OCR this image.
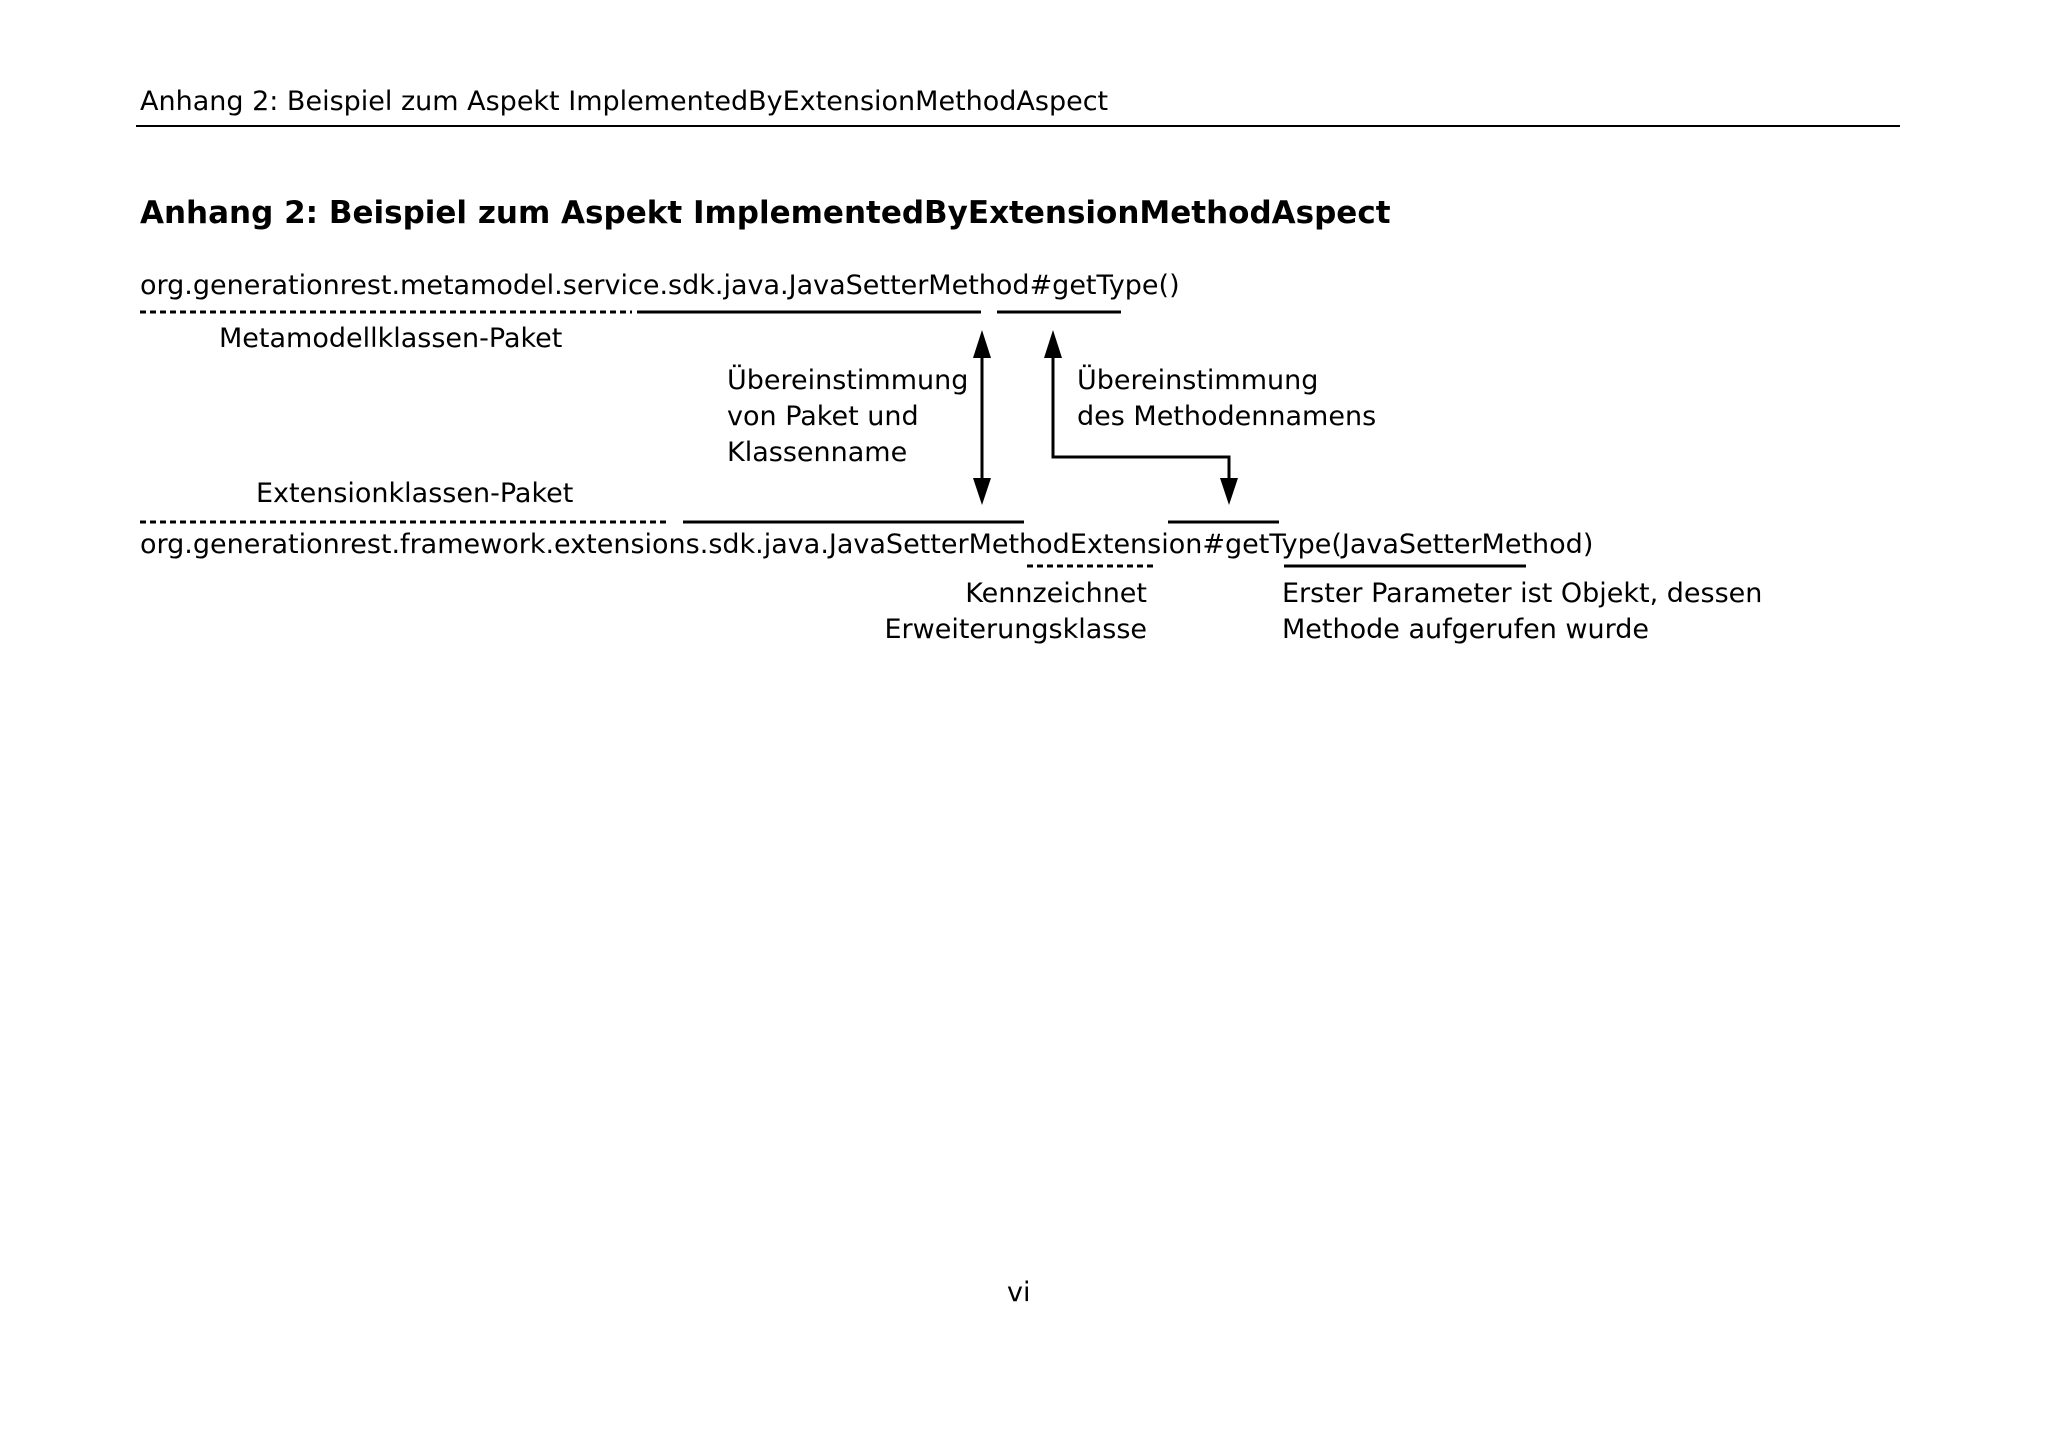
Anhang 2: Beispiel zum Aspekt ImplementedByExtensionMethodAspect
Anhang 2: Beispiel zum Aspekt ImplementedByExtensionMethodAspect
org.generationrest.metamodel.service.sdk.java.JavaSetterMethod#getType()
org.generationrest.framework.extensions.sdk.java.JavaSetterMethodExtension#getType(JavaSetterMethod)
Metamodellklassen-Paket
Extensionklassen-Paket
Übereinstimmung
von Paket und
Klassenname
Übereinstimmung
des Methodennamens
Kennzeichnet
Erweiterungsklasse
Erster Parameter ist Objekt, dessen
Methode aufgerufen wurde
vi
